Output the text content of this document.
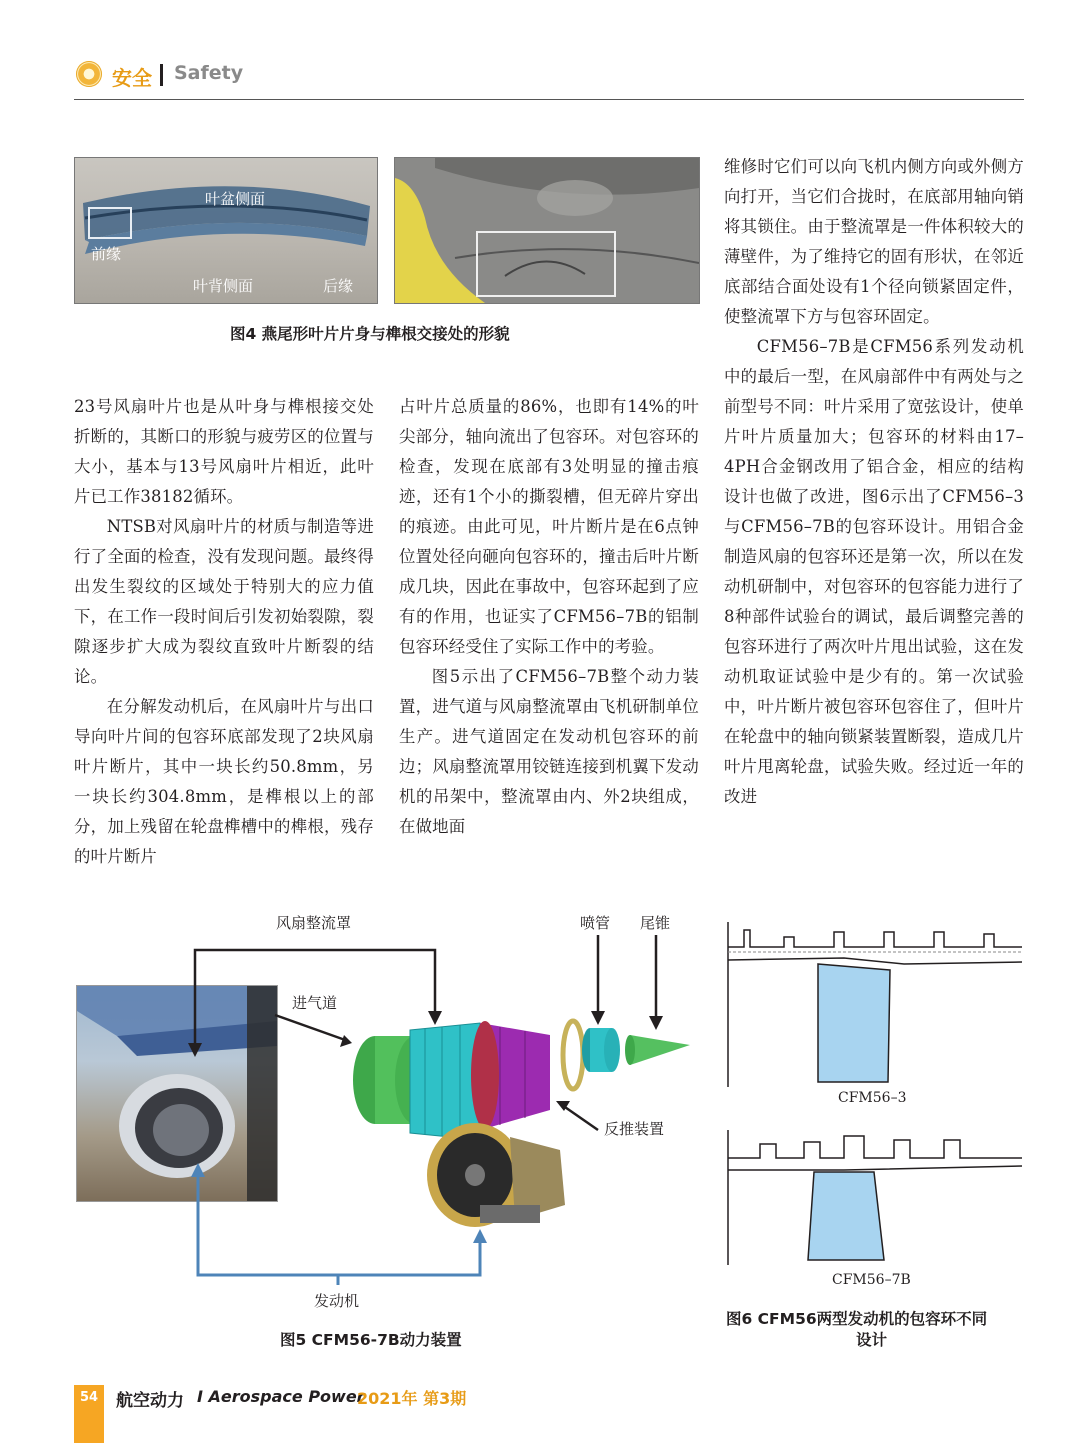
安全 Safety
叶盆侧面
前缘
叶背侧面	后缘
图4 燕尾形叶片片身与榫根交接处的形貌

23号风扇叶片也是从叶身与榫根接交处折断的，其断口的形貌与疲劳区的位置与大小，基本与13号风扇叶片相近，此叶片已工作38182循环。

NTSB对风扇叶片的材质与制造等进行了全面的检查，没有发现问题。最终得出发生裂纹的区域处于特别大的应力值下，在工作一段时间后引发初始裂隙，裂隙逐步扩大成为裂纹直致叶片断裂的结论。

在分解发动机后，在风扇叶片与出口导向叶片间的包容环底部发现了2块风扇叶片断片，其中一块长约50.8mm，另一块长约304.8mm，是榫根以上的部分，加上残留在轮盘榫槽中的榫根，残存的叶片断片

占叶片总质量的86%，也即有14%的叶尖部分，轴向流出了包容环。对包容环的检查，发现在底部有3处明显的撞击痕迹，还有1个小的撕裂槽，但无碎片穿出的痕迹。由此可见，叶片断片是在6点钟位置处径向砸向包容环的，撞击后叶片断成几块，因此在事故中，包容环起到了应有的作用，也证实了CFM56–7B的铝制包容环经受住了实际工作中的考验。

图5示出了CFM56–7B整个动力装置，进气道与风扇整流罩由飞机研制单位生产。进气道固定在发动机包容环的前边；风扇整流罩用铰链连接到机翼下发动机的吊架中，整流罩由内、外2块组成，在做地面

维修时它们可以向飞机内侧方向或外侧方向打开，当它们合拢时，在底部用轴向销将其锁住。由于整流罩是一件体积较大的薄壁件，为了维持它的固有形状，在邻近底部结合面处设有1个径向锁紧固定件，使整流罩下方与包容环固定。

CFM56–7B是CFM56系列发动机中的最后一型，在风扇部件中有两处与之前型号不同：叶片采用了宽弦设计，使单片叶片质量加大；包容环的材料由17–4PH合金钢改用了铝合金，相应的结构设计也做了改进，图6示出了CFM56–3与CFM56–7B的包容环设计。用铝合金制造风扇的包容环还是第一次，所以在发动机研制中，对包容环的包容能力进行了8种部件试验台的调试，最后调整完善的包容环进行了两次叶片甩出试验，这在发动机取证试验中是少有的。第一次试验中，叶片断片被包容环包容住了，但叶片在轮盘中的轴向锁紧装置断裂，造成几片叶片甩离轮盘，试验失败。经过近一年的改进

风扇整流罩
进气道
喷管 尾锥
反推装置
发动机
图5 CFM56-7B动力装置
CFM56–3
CFM56–7B
图6 CFM56两型发动机的包容环不同
设计
54	航空动力 I Aerospace Power
2021年 第3期
